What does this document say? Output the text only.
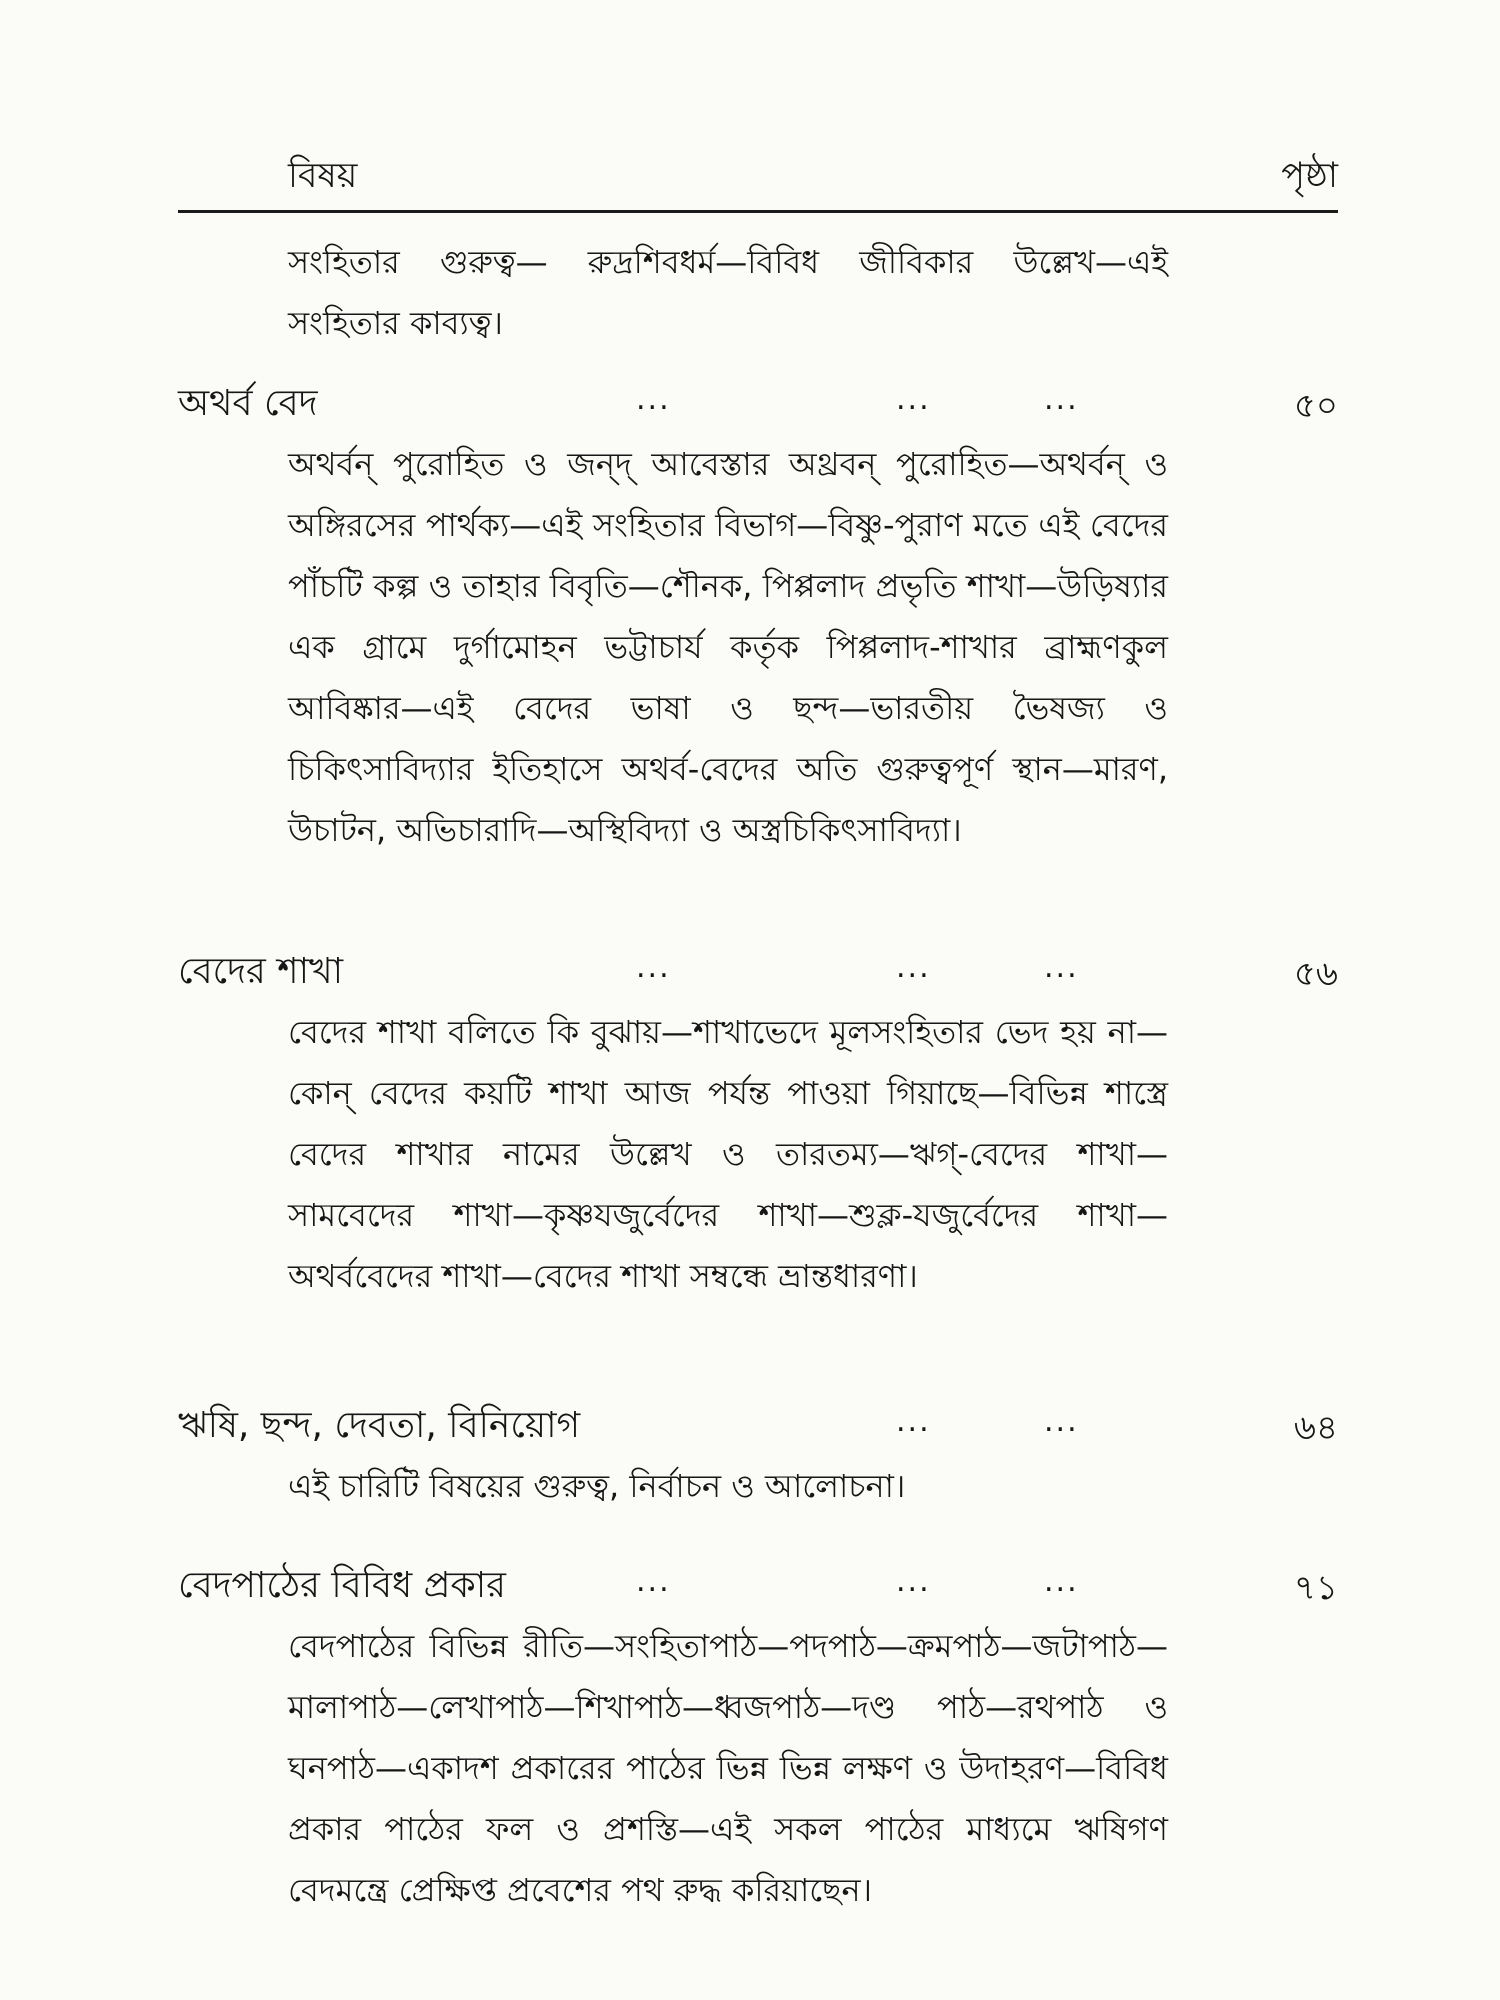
বিষয়	পৃষ্ঠা
সংহিতার গুরুত্ব— রুদ্রশিবধর্ম—বিবিধ জীবিকার উল্লেখ—এই সংহিতার কাব্যত্ব।
অথর্ব বেদ	...	...	...	৫০
অথর্বন্ পুরোহিত ও জন্দ্ আবেস্তার অথ্রবন্ পুরোহিত—অথর্বন্ ও অঙ্গিরসের পার্থক্য—এই সংহিতার বিভাগ—বিষ্ণু-পুরাণ মতে এই বেদের পাঁচটি কল্প ও তাহার বিবৃতি—শৌনক, পিপ্পলাদ প্রভৃতি শাখা—উড়িষ্যার এক গ্রামে দুর্গামোহন ভট্টাচার্য কর্তৃক পিপ্পলাদ-শাখার ব্রাহ্মণকুল আবিষ্কার—এই বেদের ভাষা ও ছন্দ—ভারতীয় ভৈষজ্য ও চিকিৎসাবিদ্যার ইতিহাসে অথর্ব-বেদের অতি গুরুত্বপূর্ণ স্থান—মারণ, উচাটন, অভিচারাদি—অস্থিবিদ্যা ও অস্ত্রচিকিৎসাবিদ্যা।
বেদের শাখা	...	...	...	৫৬
বেদের শাখা বলিতে কি বুঝায়—শাখাভেদে মূলসংহিতার ভেদ হয় না—কোন্ বেদের কয়টি শাখা আজ পর্যন্ত পাওয়া গিয়াছে—বিভিন্ন শাস্ত্রে বেদের শাখার নামের উল্লেখ ও তারতম্য—ঋগ্-বেদের শাখা—সামবেদের শাখা—কৃষ্ণযজুর্বেদের শাখা—শুক্ল-যজুর্বেদের শাখা—অথর্ববেদের শাখা—বেদের শাখা সম্বন্ধে ভ্রান্তধারণা।
ঋষি, ছন্দ, দেবতা, বিনিয়োগ	...	...	৬৪
এই চারিটি বিষয়ের গুরুত্ব, নির্বাচন ও আলোচনা।
বেদপাঠের বিবিধ প্রকার	...	...	...	৭১
বেদপাঠের বিভিন্ন রীতি—সংহিতাপাঠ—পদপাঠ—ক্রমপাঠ—জটাপাঠ—মালাপাঠ—লেখাপাঠ—শিখাপাঠ—ধ্বজপাঠ—দণ্ড পাঠ—রথপাঠ ও ঘনপাঠ—একাদশ প্রকারের পাঠের ভিন্ন ভিন্ন লক্ষণ ও উদাহরণ—বিবিধ প্রকার পাঠের ফল ও প্রশস্তি—এই সকল পাঠের মাধ্যমে ঋষিগণ বেদমন্ত্রে প্রেক্ষিপ্ত প্রবেশের পথ রুদ্ধ করিয়াছেন।
